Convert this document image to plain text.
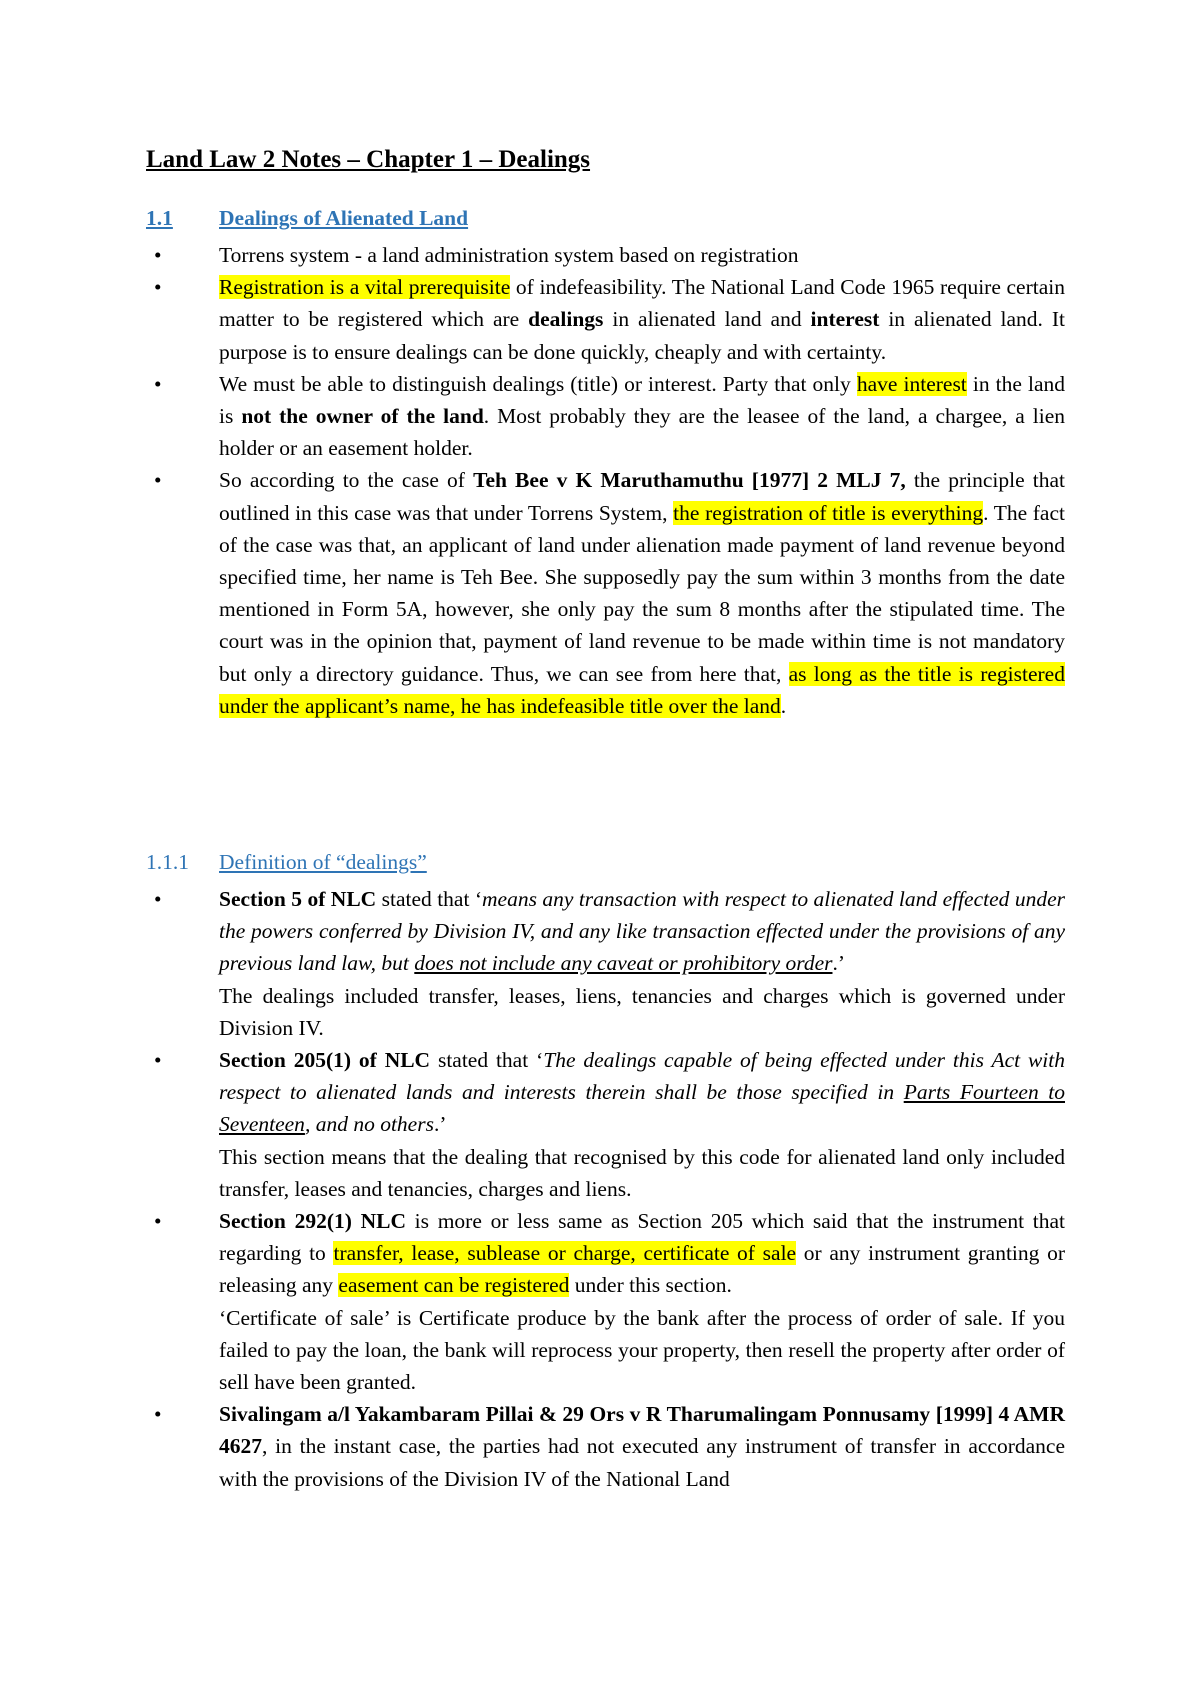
Land Law 2 Notes – Chapter 1 – Dealings
1.1 Dealings of Alienated Land
•	Torrens system - a land administration system based on registration
•	Registration is a vital prerequisite of indefeasibility. The National Land Code 1965 require certain matter to be registered which are dealings in alienated land and interest in alienated land. It purpose is to ensure dealings can be done quickly, cheaply and with certainty.
•	We must be able to distinguish dealings (title) or interest. Party that only have interest in the land is not the owner of the land. Most probably they are the leasee of the land, a chargee, a lien holder or an easement holder.
•	So according to the case of Teh Bee v K Maruthamuthu [1977] 2 MLJ 7, the principle that outlined in this case was that under Torrens System, the registration of title is everything. The fact of the case was that, an applicant of land under alienation made payment of land revenue beyond specified time, her name is Teh Bee. She supposedly pay the sum within 3 months from the date mentioned in Form 5A, however, she only pay the sum 8 months after the stipulated time. The court was in the opinion that, payment of land revenue to be made within time is not mandatory but only a directory guidance. Thus, we can see from here that, as long as the title is registered under the applicant’s name, he has indefeasible title over the land.
1.1.1 Definition of “dealings”
•	Section 5 of NLC stated that ‘means any transaction with respect to alienated land effected under the powers conferred by Division IV, and any like transaction effected under the provisions of any previous land law, but does not include any caveat or prohibitory order.’
The dealings included transfer, leases, liens, tenancies and charges which is governed under Division IV.
•	Section 205(1) of NLC stated that ‘The dealings capable of being effected under this Act with respect to alienated lands and interests therein shall be those specified in Parts Fourteen to Seventeen, and no others.’
This section means that the dealing that recognised by this code for alienated land only included transfer, leases and tenancies, charges and liens.
•	Section 292(1) NLC is more or less same as Section 205 which said that the instrument that regarding to transfer, lease, sublease or charge, certificate of sale or any instrument granting or releasing any easement can be registered under this section.
‘Certificate of sale’ is Certificate produce by the bank after the process of order of sale. If you failed to pay the loan, the bank will reprocess your property, then resell the property after order of sell have been granted.
•	Sivalingam a/l Yakambaram Pillai & 29 Ors v R Tharumalingam Ponnusamy [1999] 4 AMR 4627, in the instant case, the parties had not executed any instrument of transfer in accordance with the provisions of the Division IV of the National Land
